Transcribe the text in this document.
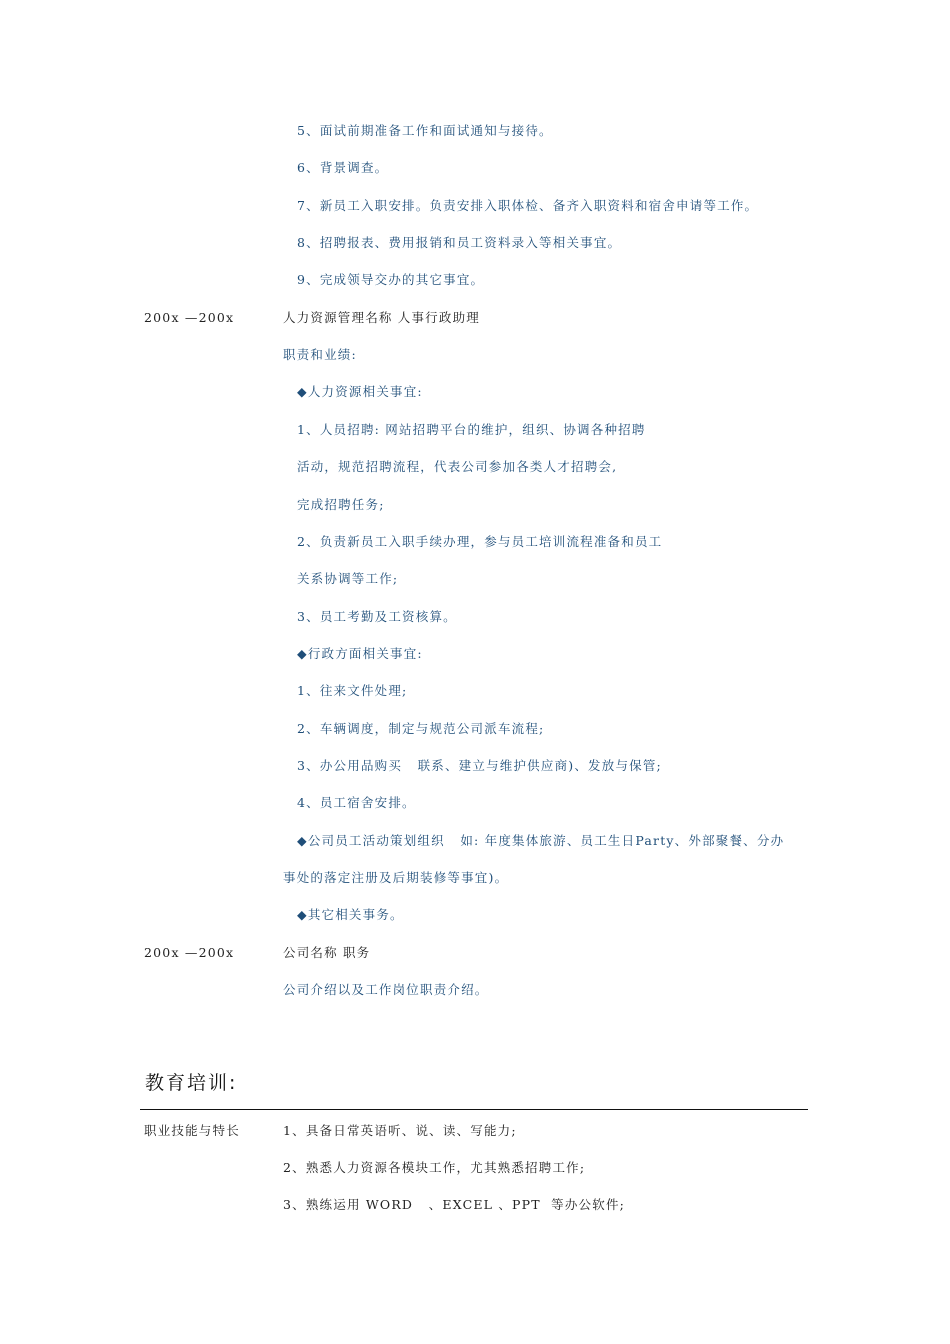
5、面试前期准备工作和面试通知与接待。
6、背景调查。
7、新员工入职安排。负责安排入职体检、备齐入职资料和宿舍申请等工作。
8、招聘报表、费用报销和员工资料录入等相关事宜。
9、完成领导交办的其它事宜。
200x —200x	人力资源管理名称 人事行政助理
职责和业绩:
◆人力资源相关事宜:
1、人员招聘: 网站招聘平台的维护，组织、协调各种招聘
活动，规范招聘流程，代表公司参加各类人才招聘会,
完成招聘任务;
2、负责新员工入职手续办理，参与员工培训流程准备和员工
关系协调等工作;
3、员工考勤及工资核算。
◆行政方面相关事宜:
1、往来文件处理;
2、车辆调度，制定与规范公司派车流程;
3、办公用品购买   联系、建立与维护供应商)、发放与保管;
4、员工宿舍安排。
◆公司员工活动策划组织   如: 年度集体旅游、员工生日Party、外部聚餐、分办
事处的落定注册及后期装修等事宜)。
◆其它相关事务。
200x —200x	公司名称 职务
公司介绍以及工作岗位职责介绍。
教育培训:
职业技能与特长	1、具备日常英语听、说、读、写能力;
2、熟悉人力资源各模块工作，尤其熟悉招聘工作;
3、熟练运用 WORD   、EXCEL 、PPT  等办公软件;
